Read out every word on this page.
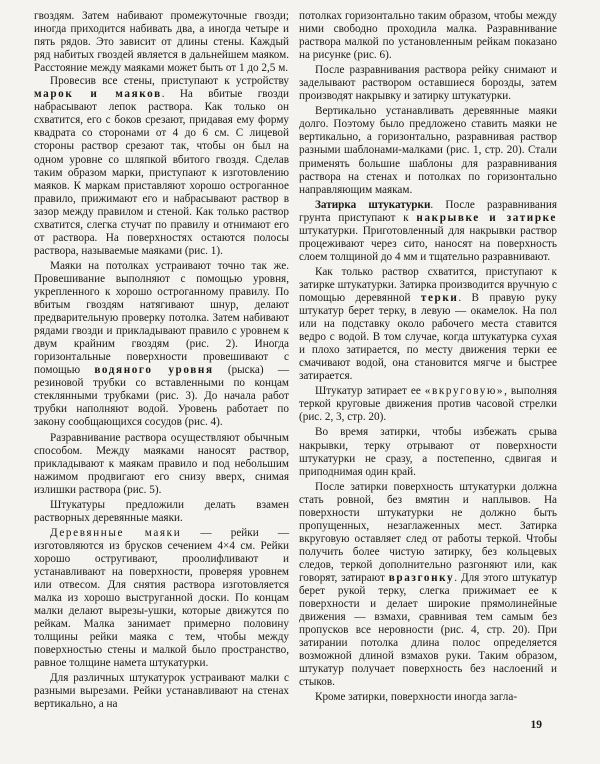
гвоздям. Затем набивают промежуточные гвозди; иногда приходится набивать два, а иногда четыре и пять рядов. Это зависит от длины стены. Каждый ряд набитых гвоздей является в дальнейшем маяком. Расстояние между маяками может быть от 1 до 2,5 м.

Провесив все стены, приступают к устройству марок и маяков. На вбитые гвозди набрасывают лепок раствора. Как только он схватится, его с боков срезают, придавая ему форму квадрата со сторонами от 4 до 6 см. С лицевой стороны раствор срезают так, чтобы он был на одном уровне со шляпкой вбитого гвоздя. Сделав таким образом марки, приступают к изготовлению маяков. К маркам приставляют хорошо остроганное правило, прижимают его и набрасывают раствор в зазор между правилом и стеной. Как только раствор схватится, слегка стучат по правилу и отнимают его от раствора. На поверхностях остаются полосы раствора, называемые маяками (рис. 1).

Маяки на потолках устраивают точно так же. Провешивание выполняют с помощью уровня, укрепленного к хорошо остроганному правилу. По вбитым гвоздям натягивают шнур, делают предварительную проверку потолка. Затем набивают рядами гвозди и прикладывают правило с уровнем к двум крайним гвоздям (рис. 2). Иногда горизонтальные поверхности провешивают с помощью водяного уровня (рыска) — резиновой трубки со вставленными по концам стеклянными трубками (рис. 3). До начала работ трубки наполняют водой. Уровень работает по закону сообщающихся сосудов (рис. 4).

Разравнивание раствора осуществляют обычным способом. Между маяками наносят раствор, прикладывают к маякам правило и под небольшим нажимом продвигают его снизу вверх, снимая излишки раствора (рис. 5).

Штукатуры предложили делать взамен растворных деревянные маяки.

Деревянные маяки — рейки — изготовляются из брусков сечением 4×4 см. Рейки хорошо остругивают, проолифливают и устанавливают на поверхности, проверяя уровнем или отвесом. Для снятия раствора изготовляется малка из хорошо выструганной доски. По концам малки делают вырезы-ушки, которые движутся по рейкам. Малка занимает примерно половину толщины рейки маяка с тем, чтобы между поверхностью стены и малкой было пространство, равное толщине намета штукатурки.

Для различных штукатурок устраивают малки с разными вырезами. Рейки устанавливают на стенах вертикально, а на

потолках горизонтально таким образом, чтобы между ними свободно проходила малка. Разравнивание раствора малкой по установленным рейкам показано на рисунке (рис. 6).

После разравнивания раствора рейку снимают и заделывают раствором оставшиеся борозды, затем производят накрывку и затирку штукатурки.

Вертикально устанавливать деревянные маяки долго. Поэтому было предложено ставить маяки не вертикально, а горизонтально, разравнивая раствор разными шаблонами-малками (рис. 1, стр. 20). Стали применять большие шаблоны для разравнивания раствора на стенах и потолках по горизонтально направляющим маякам.

Затирка штукатурки. После разравнивания грунта приступают к накрывке и затирке штукатурки. Приготовленный для накрывки раствор процеживают через сито, наносят на поверхность слоем толщиной до 4 мм и тщательно разравнивают.

Как только раствор схватится, приступают к затирке штукатурки. Затирка производится вручную с помощью деревянной терки. В правую руку штукатур берет терку, в левую — окамелок. На пол или на подставку около рабочего места ставится ведро с водой. В том случае, когда штукатурка сухая и плохо затирается, по месту движения терки ее смачивают водой, она становится мягче и быстрее затирается.

Штукатур затирает ее «вкруговую», выполняя теркой круговые движения против часовой стрелки (рис. 2, 3, стр. 20).

Во время затирки, чтобы избежать срыва накрывки, терку отрывают от поверхности штукатурки не сразу, а постепенно, сдвигая и приподнимая один край.

После затирки поверхность штукатурки должна стать ровной, без вмятин и наплывов. На поверхности штукатурки не должно быть пропущенных, незаглаженных мест. Затирка вкруговую оставляет след от работы теркой. Чтобы получить более чистую затирку, без кольцевых следов, теркой дополнительно разгоняют или, как говорят, затирают вразгонку. Для этого штукатур берет рукой терку, слегка прижимает ее к поверхности и делает широкие прямолинейные движения — взмахи, сравнивая тем самым без пропусков все неровности (рис. 4, стр. 20). При затирании потолка длина полос определяется возможной длиной взмахов руки. Таким образом, штукатур получает поверхность без наслоений и стыков.

Кроме затирки, поверхности иногда загла-

19
